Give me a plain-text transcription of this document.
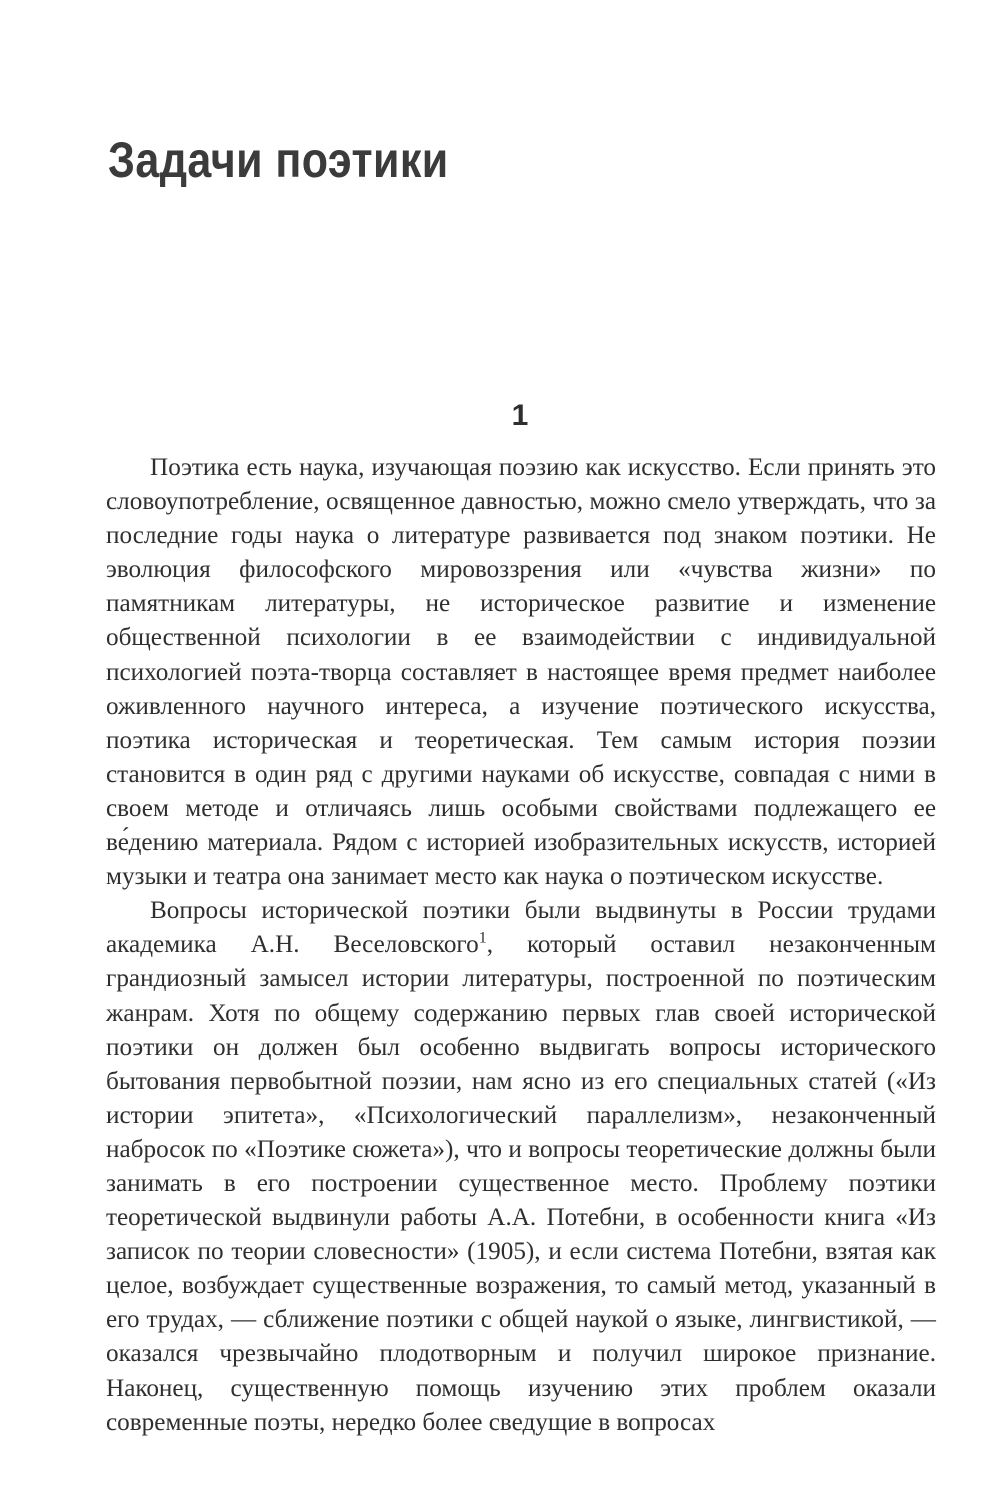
Задачи поэтики
1

Поэтика есть наука, изучающая поэзию как искусство. Если принять это словоупотребление, освященное давностью, можно смело утверждать, что за последние годы наука о литературе развивается под знаком поэтики. Не эволюция философского мировоззрения или «чувства жизни» по памятникам литературы, не историческое развитие и изменение общественной психологии в ее взаимодействии с индивидуальной психологией поэта-творца составляет в настоящее время предмет наиболее оживленного научного интереса, а изучение поэтического искусства, поэтика историческая и теоретическая. Тем самым история поэзии становится в один ряд с другими науками об искусстве, совпадая с ними в своем методе и отличаясь лишь особыми свойствами подлежащего ее ве́дению материала. Рядом с историей изобразительных искусств, историей музыки и театра она занимает место как наука о поэтическом искусстве.

Вопросы исторической поэтики были выдвинуты в России трудами академика А.Н. Веселовского$^1$, который оставил незаконченным грандиозный замысел истории литературы, построенной по поэтическим жанрам. Хотя по общему содержанию первых глав своей исторической поэтики он должен был особенно выдвигать вопросы исторического бытования первобытной поэзии, нам ясно из его специальных статей («Из истории эпитета», «Психологический параллелизм», незаконченный набросок по «Поэтике сюжета»), что и вопросы теоретические должны были занимать в его построении существенное место. Проблему поэтики теоретической выдвинули работы А.А. Потебни, в особенности книга «Из записок по теории словесности» (1905), и если система Потебни, взятая как целое, возбуждает существенные возражения, то самый метод, указанный в его трудах, — сближение поэтики с общей наукой о языке, лингвистикой, — оказался чрезвычайно плодотворным и получил широкое признание. Наконец, существенную помощь изучению этих проблем оказали современные поэты, нередко более сведущие в вопросах
